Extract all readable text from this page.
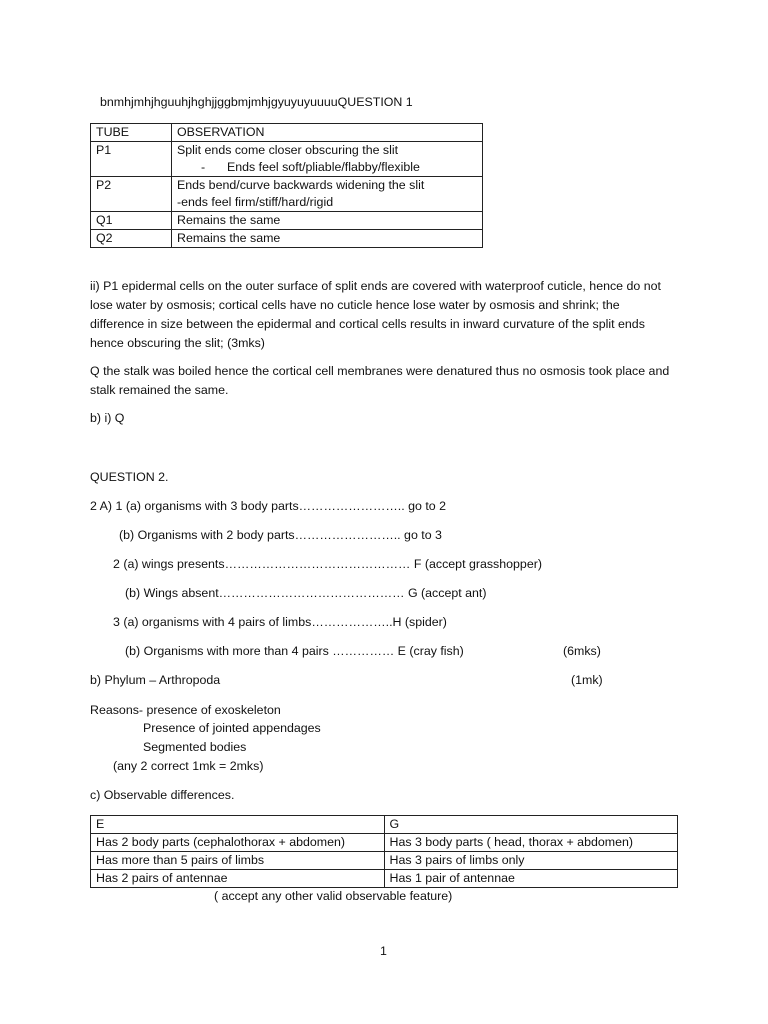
bnmhjmhjhguuhjhghjjggbmjmhjgyuyuyuuuuQUESTION 1
TUBE	OBSERVATION
P1	Split ends come closer obscuring the slit
- Ends feel soft/pliable/flabby/flexible

P2	Ends bend/curve backwards widening the slit
-ends feel firm/stiff/hard/rigid

Q1	Remains the same
Q2	Remains the same
ii) P1 epidermal cells on the outer surface of split ends are covered with waterproof cuticle, hence do not lose water by osmosis; cortical cells have no cuticle hence lose water by osmosis and shrink; the difference in size between the epidermal and cortical cells results in inward curvature of the split ends hence obscuring the slit; (3mks)
Q the stalk was boiled hence the cortical cell membranes were denatured thus no osmosis took place and stalk remained the same.
b) i) Q
QUESTION 2.
2 A) 1 (a) organisms with 3 body parts…………………….. go to 2
(b) Organisms with 2 body parts…………………….. go to 3
2 (a) wings presents……………………………………… F (accept grasshopper)
(b) Wings absent……………………………………… G (accept ant)
3 (a) organisms with 4 pairs of limbs………………..H (spider)
(b) Organisms with more than 4 pairs …………… E (cray fish)	(6mks)
b) Phylum – Arthropoda	(1mk)
Reasons- presence of exoskeleton
Presence of jointed appendages
Segmented bodies
(any 2 correct 1mk = 2mks)
c) Observable differences.
E	G
Has 2 body parts (cephalothorax + abdomen)	Has 3 body parts ( head, thorax + abdomen)
Has more than 5 pairs of limbs	Has 3 pairs of limbs only
Has 2 pairs of antennae	Has 1 pair of antennae
( accept any other valid observable feature)
1
